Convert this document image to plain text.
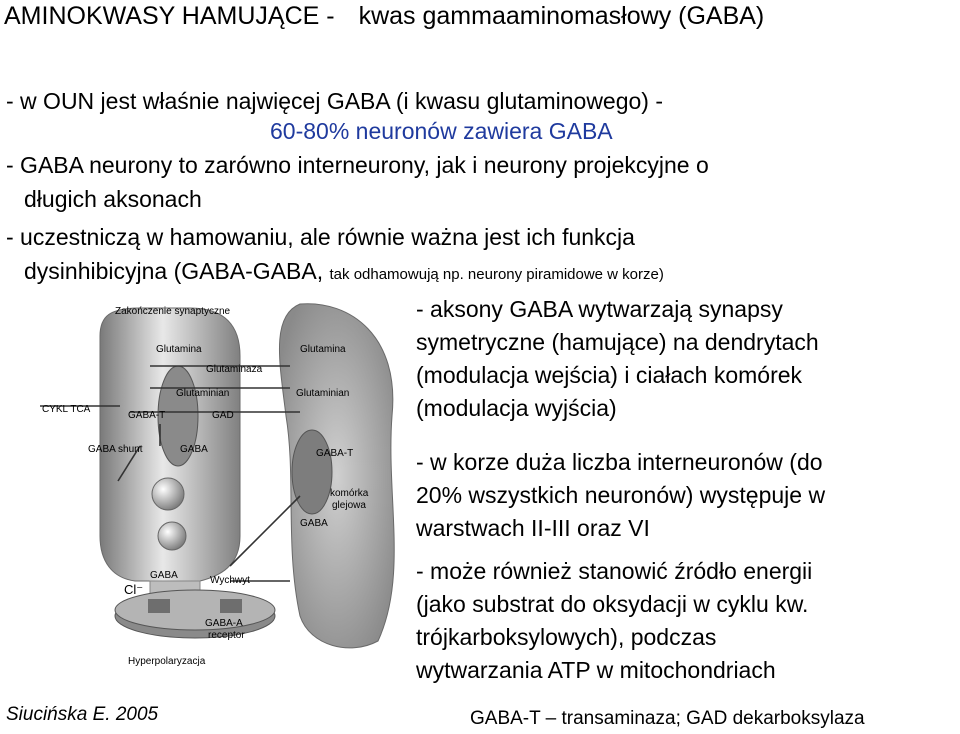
AMINOKWASY HAMUJĄCE - kwas gammaaminomasłowy (GABA)
- w OUN jest właśnie najwięcej GABA (i kwasu glutaminowego) -
60-80% neuronów zawiera GABA
- GABA neurony to zarówno interneurony, jak i neurony projekcyjne o
długich aksonach
- uczestniczą w hamowaniu, ale równie ważna jest ich funkcja
dysinhibicyjna (GABA-GABA, tak odhamowują np. neurony piramidowe w korze)
- aksony GABA wytwarzają synapsy
symetryczne (hamujące) na dendrytach
(modulacja wejścia) i ciałach komórek
(modulacja wyjścia)
- w korze duża liczba interneuronów (do
20% wszystkich neuronów) występuje w
warstwach II-III oraz VI
- może również stanowić źródło energii
(jako substrat do oksydacji w cyklu kw.
trójkarboksylowych), podczas
wytwarzania ATP w mitochondriach
Zakończenie synaptyczne
Glutamina	Glutamina
Glutaminaza
Glutaminian	Glutaminian
CYKL TCA
GABA-T	GAD
GABA shunt	GABA	GABA-T
komórka
glejowa
GABA
GABA	Wychwyt
Cl⁻
GABA-A
receptor
Hyperpolaryzacja
Siucińska E. 2005	GABA-T – transaminaza; GAD dekarboksylaza
